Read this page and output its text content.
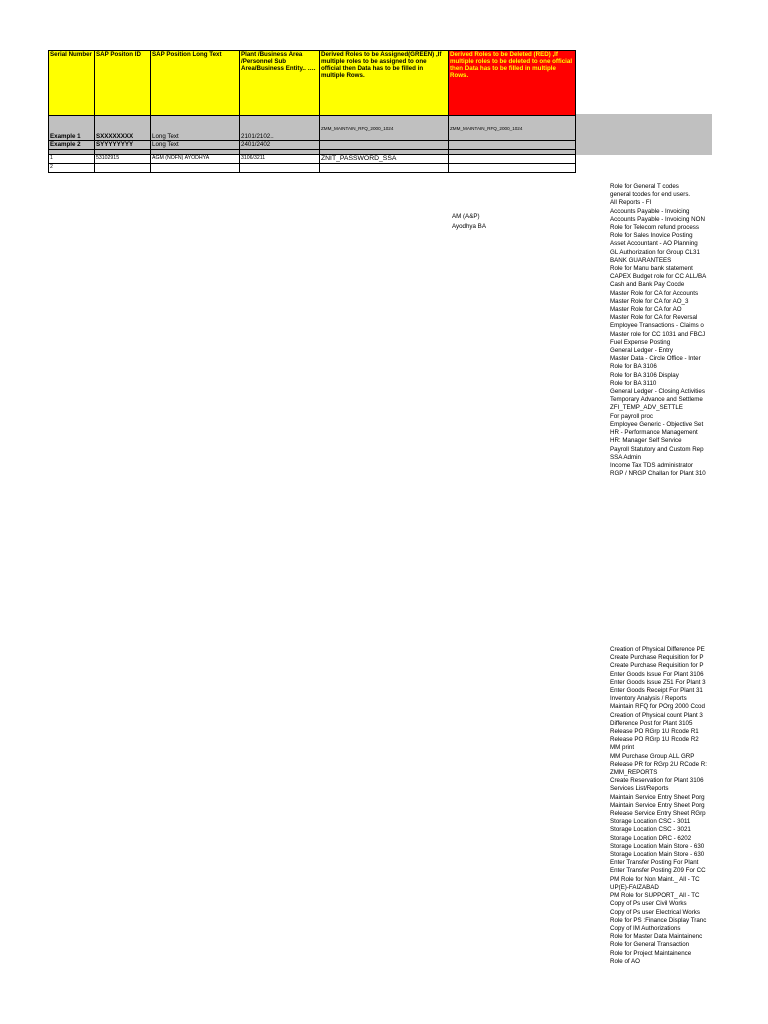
Serial Number	SAP Positon ID	SAP Position Long Text	Plant /Business Area /Personnel Sub Area/Business Entity.. ….	Derived Roles to be Assigned(GREEN) ,If multiple roles to be assigned to one official then Data has to be filled in multiple Rows.	Derived Roles to be Deleted (RED) ,If multiple roles to be deleted to one official then Data has to be filled in multiple Rows.
Example 1	SXXXXXXXX	Long Text	2101/2102..	ZMM_MAINTAIN_RFQ_2000_1024	ZMM_MAINTAIN_RFQ_2000_1024
Example 2	SYYYYYYYY	Long Text	2401/2402		

1	53102915	AGM (NOFN) AYODHYA	3106/3211	ZNIT_PASSWORD_SSA	
2					
AM (A&P)
Ayodhya BA
Role for General T codes
general tcodes for end users.
All Reports - FI
Accounts Payable - Invoicing
Accounts Payable - Invoicing NON
Role for Telecom refund process
Role for Sales Inovice Posting
Asset Accountant - AO Planning
GL Authorization for Group CL31
BANK GUARANTEES
Role for Manu bank statement
CAPEX Budget role for CC ALL/BA
Cash and Bank Pay Cocde
Master Role for CA for Accounts
Master Role for CA for AO_3
Master Role for CA for AO
Master Role for CA for Reversal
Employee Transactions - Claims o
Master role for CC 1031 and FBCJ
Fuel Expense Posting
General Ledger - Entry
Master Data - Circle Office - Inter
Role for BA 3106
Role for BA 3106 Display
Role for BA 3110
General Ledger - Closing Activities
Temporary Advance and Settleme
ZFI_TEMP_ADV_SETTLE
For payroll proc
Employee Generic - Objective Set
HR - Performance Management
HR: Manager Self Service
Payroll Statutory and Custom Rep
SSA Admin
Income Tax TDS administrator
RGP / NRGP Challan for Plant 310
Creation of Physical Difference PE
Create Purchase Requisition for P
Create Purchase Requisition for P
Enter Goods Issue For Plant 3106
Enter Goods Issue Z51 For Plant 3
Enter Goods Receipt For Plant 31
Inventory Analysis / Reports
Maintain RFQ for POrg 2000 Ccod
Creation of Physical count Plant 3
Difference Post for Plant 3105
Release PO RGrp 1U Rcode R1
Release PO RGrp 1U Rcode R2
MM print
MM Purchase Group ALL GRP
Release PR for RGrp 2U RCode R:
ZMM_REPORTS
Create Reservation for Plant 3106
Services List/Reports
Maintain Service Entry Sheet Porg
Maintain Service Entry Sheet Porg
Release Service Entry Sheet RGrp
Storage Location CSC - 3011
Storage Location CSC - 3021
Storage Location DRC - 6202
Storage Location Main Store - 630
Storage Location Main Store - 630
Enter Transfer Posting For Plant
Enter Transfer Posting Z09 For CC
PM Role for Non Maint._ All - TC
UP(E)-FAIZABAD
PM Role for SUPPORT_ All - TC
Copy of Ps user Civil Works
Copy of Ps user Electrical Works
Role for PS :Finance Display Tranc
Copy of IM Authorizations
Role for Master Data Maintainenc
Role for General Transaction
Role for Project Maintainence
Role of AO
